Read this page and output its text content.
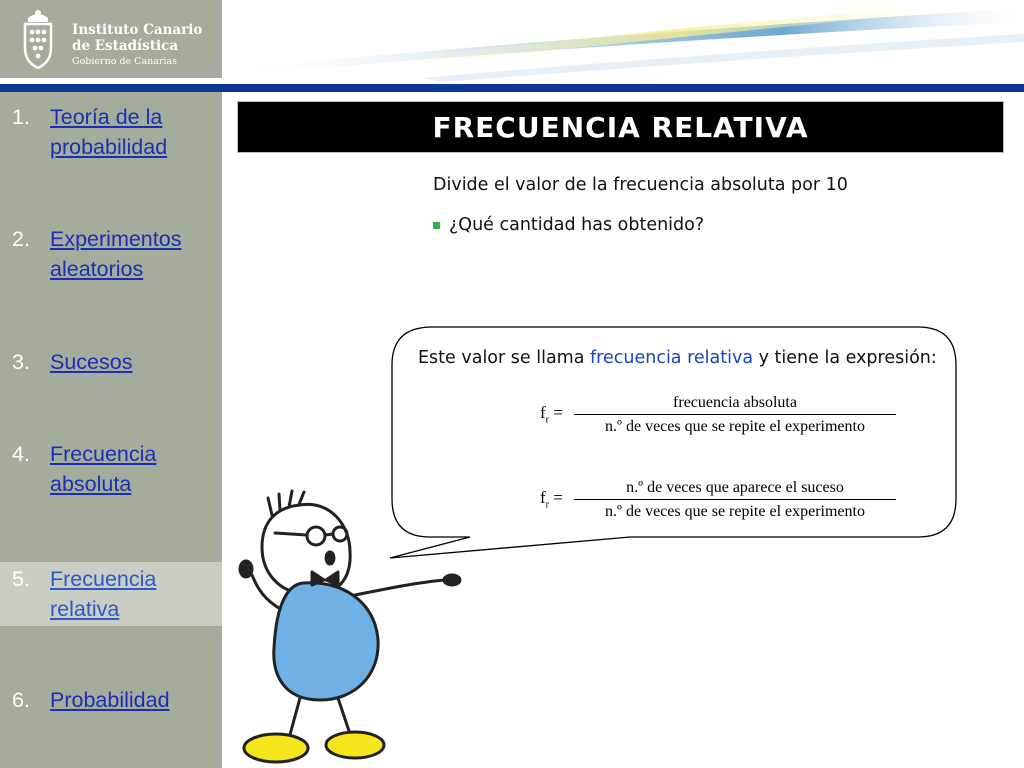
Instituto Canario
de Estadística
Gobierno de Canarias
1. Teoría de la probabilidad
2. Experimentos aleatorios
3. Sucesos
4. Frecuencia absoluta
5. Frecuencia relativa
6. Probabilidad
FRECUENCIA RELATIVA
Divide el valor de la frecuencia absoluta por 10
¿Qué cantidad has obtenido?
Este valor se llama frecuencia relativa y tiene la expresión:
$f_r = \frac{\text{frecuencia absoluta}}{\text{n.º de veces que se repite el experimento}}$
$f_r = \frac{\text{n.º de veces que aparece el suceso}}{\text{n.º de veces que se repite el experimento}}$
